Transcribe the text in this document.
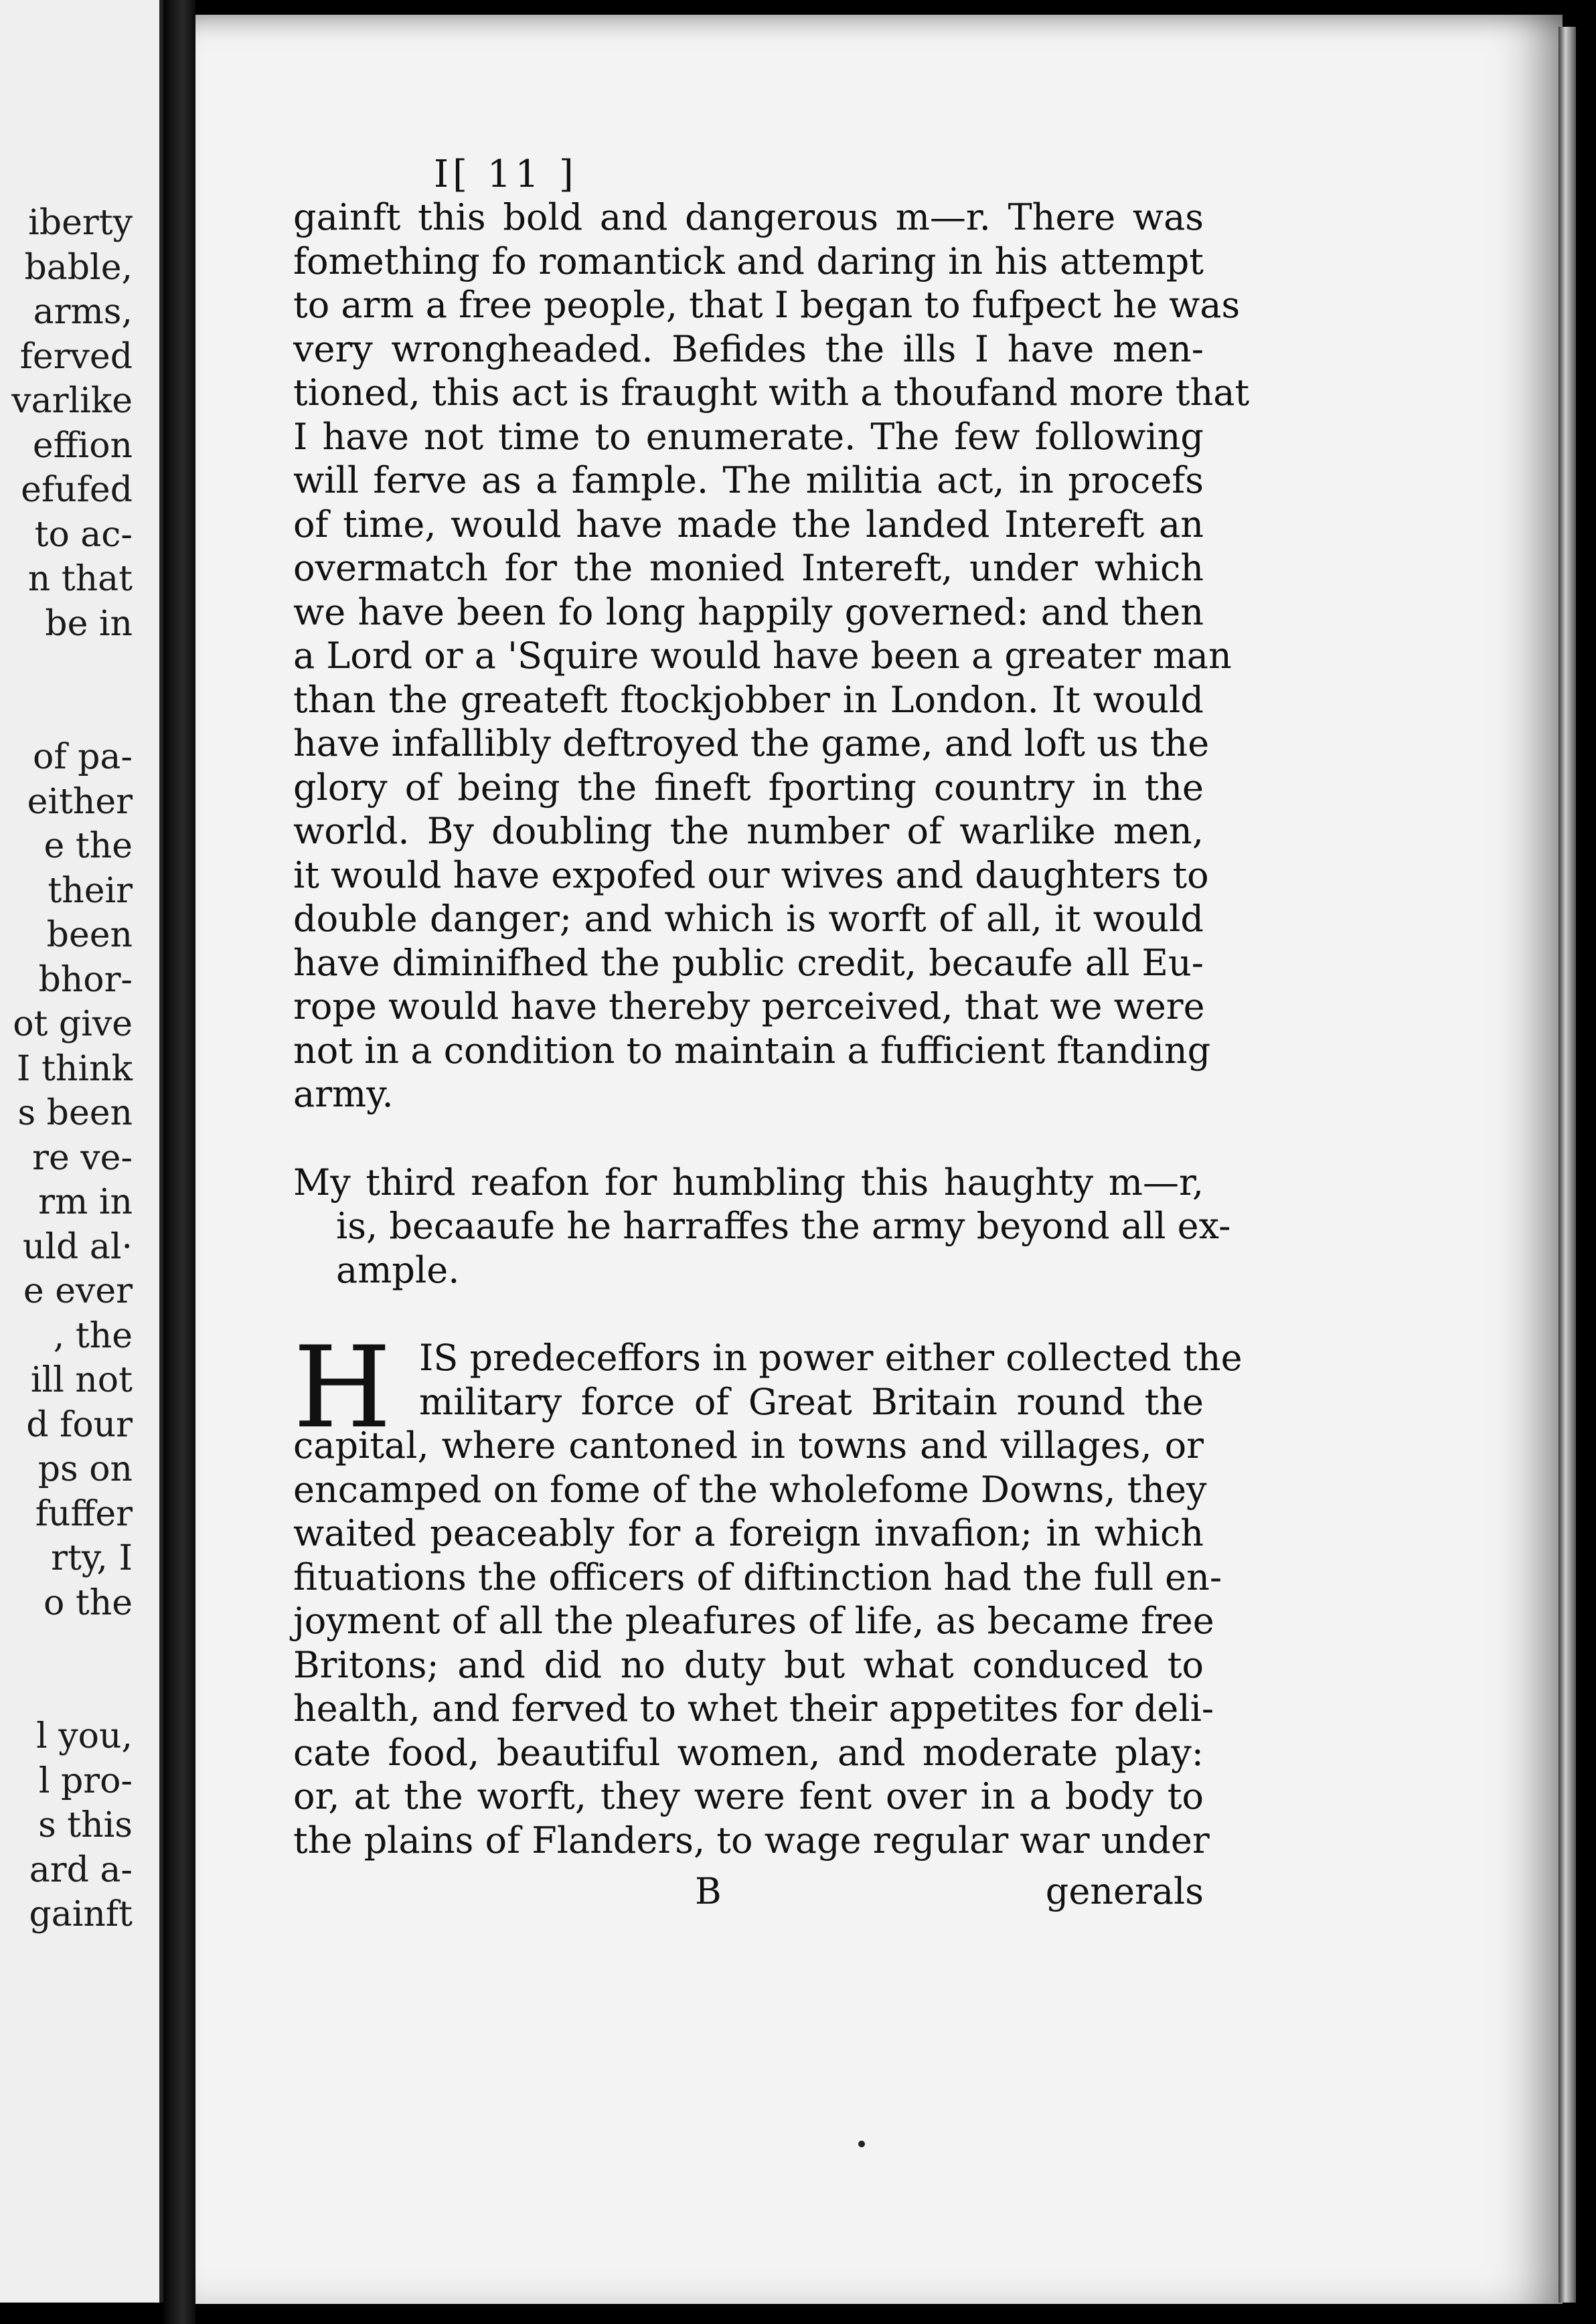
iberty
bable,
arms,
ferved
varlike
effion
efufed
to ac-
n that
be in
of pa-
either
e the
their
been
bhor-
ot give
I think
s been
re ve-
rm in
uld al·
e ever
, the
ill not
d four
ps on
fuffer
rty, I
o the
l you,
l pro-
s this
ard a-
gainft
I[ 11 ]
gainft this bold and dangerous m—r. There was
fomething fo romantick and daring in his attempt
to arm a free people, that I began to fufpect he was
very wrongheaded. Befides the ills I have men-
tioned, this act is fraught with a thoufand more that
I have not time to enumerate. The few following
will ferve as a fample. The militia act, in procefs
of time, would have made the landed Intereft an
overmatch for the monied Intereft, under which
we have been fo long happily governed: and then
a Lord or a 'Squire would have been a greater man
than the greateft ftockjobber in London. It would
have infallibly deftroyed the game, and loft us the
glory of being the fineft fporting country in the
world. By doubling the number of warlike men,
it would have expofed our wives and daughters to
double danger; and which is worft of all, it would
have diminifhed the public credit, becaufe all Eu-
rope would have thereby perceived, that we were
not in a condition to maintain a fufficient ftanding
army.
My third reafon for humbling this haughty m—r,
is, becaaufe he harraffes the army beyond all ex-
ample.
H IS predeceffors in power either collected the
military force of Great Britain round the
capital, where cantoned in towns and villages, or
encamped on fome of the wholefome Downs, they
waited peaceably for a foreign invafion; in which
fituations the officers of diftinction had the full en-
joyment of all the pleafures of life, as became free
Britons; and did no duty but what conduced to
health, and ferved to whet their appetites for deli-
cate food, beautiful women, and moderate play:
or, at the worft, they were fent over in a body to
the plains of Flanders, to wage regular war under
B	generals
